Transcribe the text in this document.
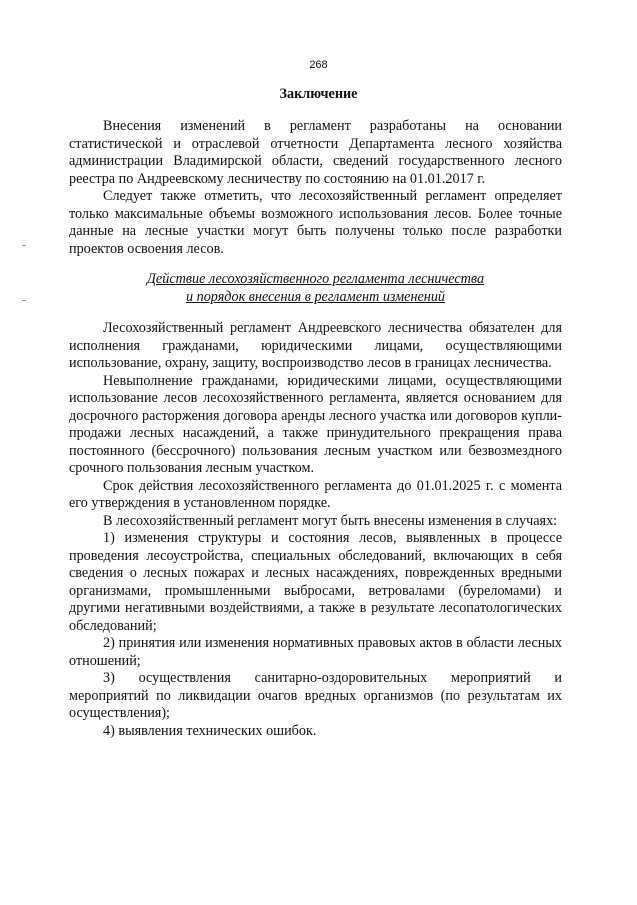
268
Заключение

Внесения изменений в регламент разработаны на основании статистической и отраслевой отчетности Департамента лесного хозяйства администрации Владимирской области, сведений государственного лесного реестра по Андреевскому лесничеству по состоянию на 01.01.2017 г.

Следует также отметить, что лесохозяйственный регламент определяет только максимальные объемы возможного использования лесов. Более точные данные на лесные участки могут быть получены только после разработки проектов освоения лесов.

Действие лесохозяйственного регламента лесничества
и порядок внесения в регламент изменений

Лесохозяйственный регламент Андреевского лесничества обязателен для исполнения гражданами, юридическими лицами, осуществляющими использование, охрану, защиту, воспроизводство лесов в границах лесничества.

Невыполнение гражданами, юридическими лицами, осуществляющими использование лесов лесохозяйственного регламента, является основанием для досрочного расторжения договора аренды лесного участка или договоров купли-продажи лесных насаждений, а также принудительного прекращения права постоянного (бессрочного) пользования лесным участком или безвозмездного срочного пользования лесным участком.

Срок действия лесохозяйственного регламента до 01.01.2025 г. с момента его утверждения в установленном порядке.

В лесохозяйственный регламент могут быть внесены изменения в случаях:

1) изменения структуры и состояния лесов, выявленных в процессе проведения лесоустройства, специальных обследований, включающих в себя сведения о лесных пожарах и лесных насаждениях, поврежденных вредными организмами, промышленными выбросами, ветровалами (буреломами) и другими негативными воздействиями, а также в результате лесопатологических обследований;

2) принятия или изменения нормативных правовых актов в области лесных отношений;

3) осуществления санитарно-оздоровительных мероприятий и мероприятий по ликвидации очагов вредных организмов (по результатам их осуществления);

4) выявления технических ошибок.
